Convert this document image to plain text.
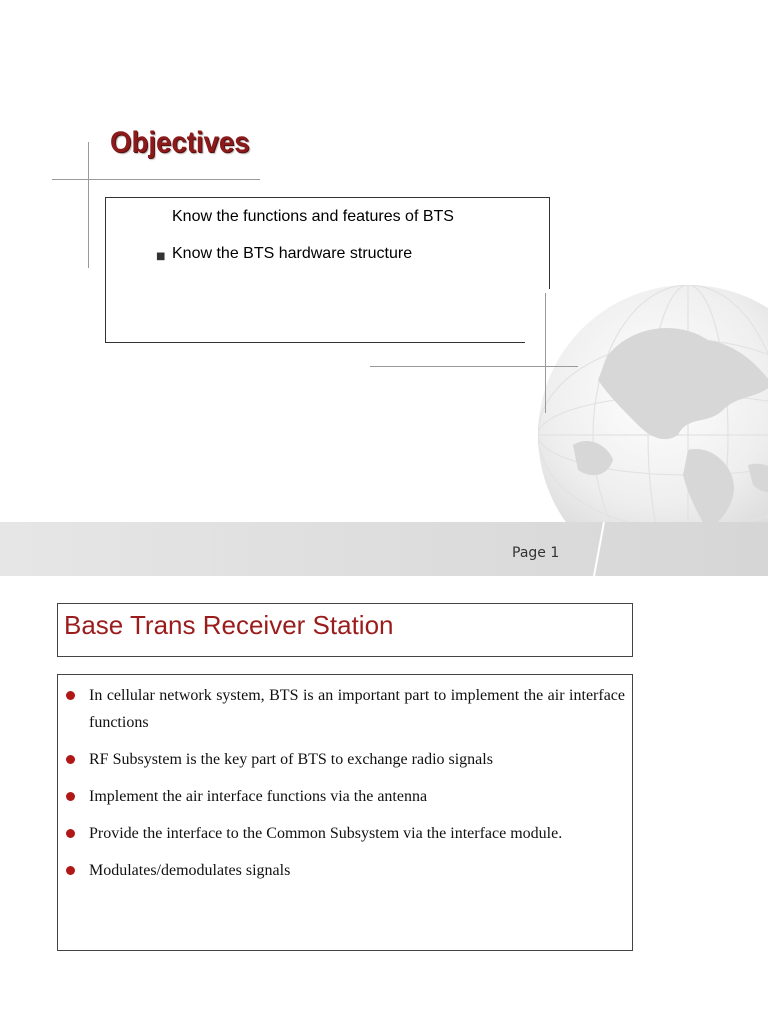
Page 1
Objectives
Know the functions and features of BTS
■ Know the BTS hardware structure
Base Trans Receiver Station
In cellular network system, BTS is an important part to implement the air interface functions
RF Subsystem is the key part of BTS to exchange radio signals
Implement the air interface functions via the antenna
Provide the interface to the Common Subsystem via the interface module.
Modulates/demodulates signals
